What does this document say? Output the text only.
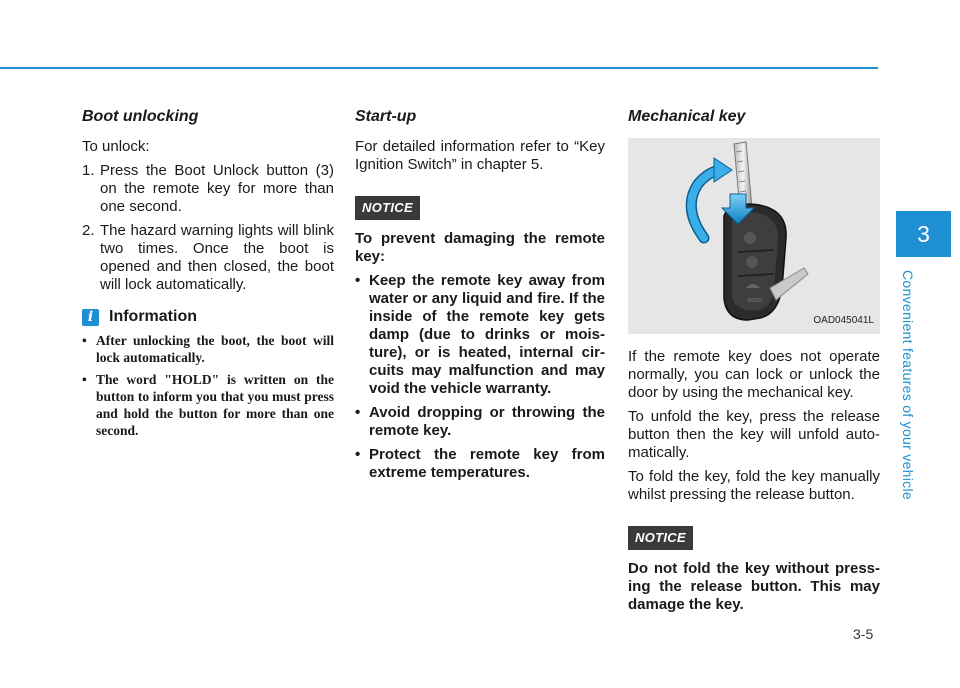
3
Convenient features of your vehicle
Boot unlocking

To unlock:

1. Press the Boot Unlock button (3) on the remote key for more than one second.
2. The hazard warning lights will blink two times. Once the boot is opened and then closed, the boot will lock automatically.
i Information
• After unlocking the boot, the boot will lock automatically.
• The word "HOLD" is written on the button to inform you that you must press and hold the button for more than one second.
Start-up

For detailed information refer to “Key Ignition Switch” in chapter 5.

NOTICE

To prevent damaging the remote key:

• Keep the remote key away from water or any liquid and fire. If the inside of the remote key gets damp (due to drinks or mois-ture), or is heated, internal cir-cuits may malfunction and may void the vehicle warranty.
• Avoid dropping or throwing the remote key.
• Protect the remote key from extreme temperatures.
Mechanical key
HOLD
OAD045041L

If the remote key does not operate normally, you can lock or unlock the door by using the mechanical key.

To unfold the key, press the release button then the key will unfold auto-matically.

To fold the key, fold the key manually whilst pressing the release button.

NOTICE

Do not fold the key without press-ing the release button. This may damage the key.

3-5
